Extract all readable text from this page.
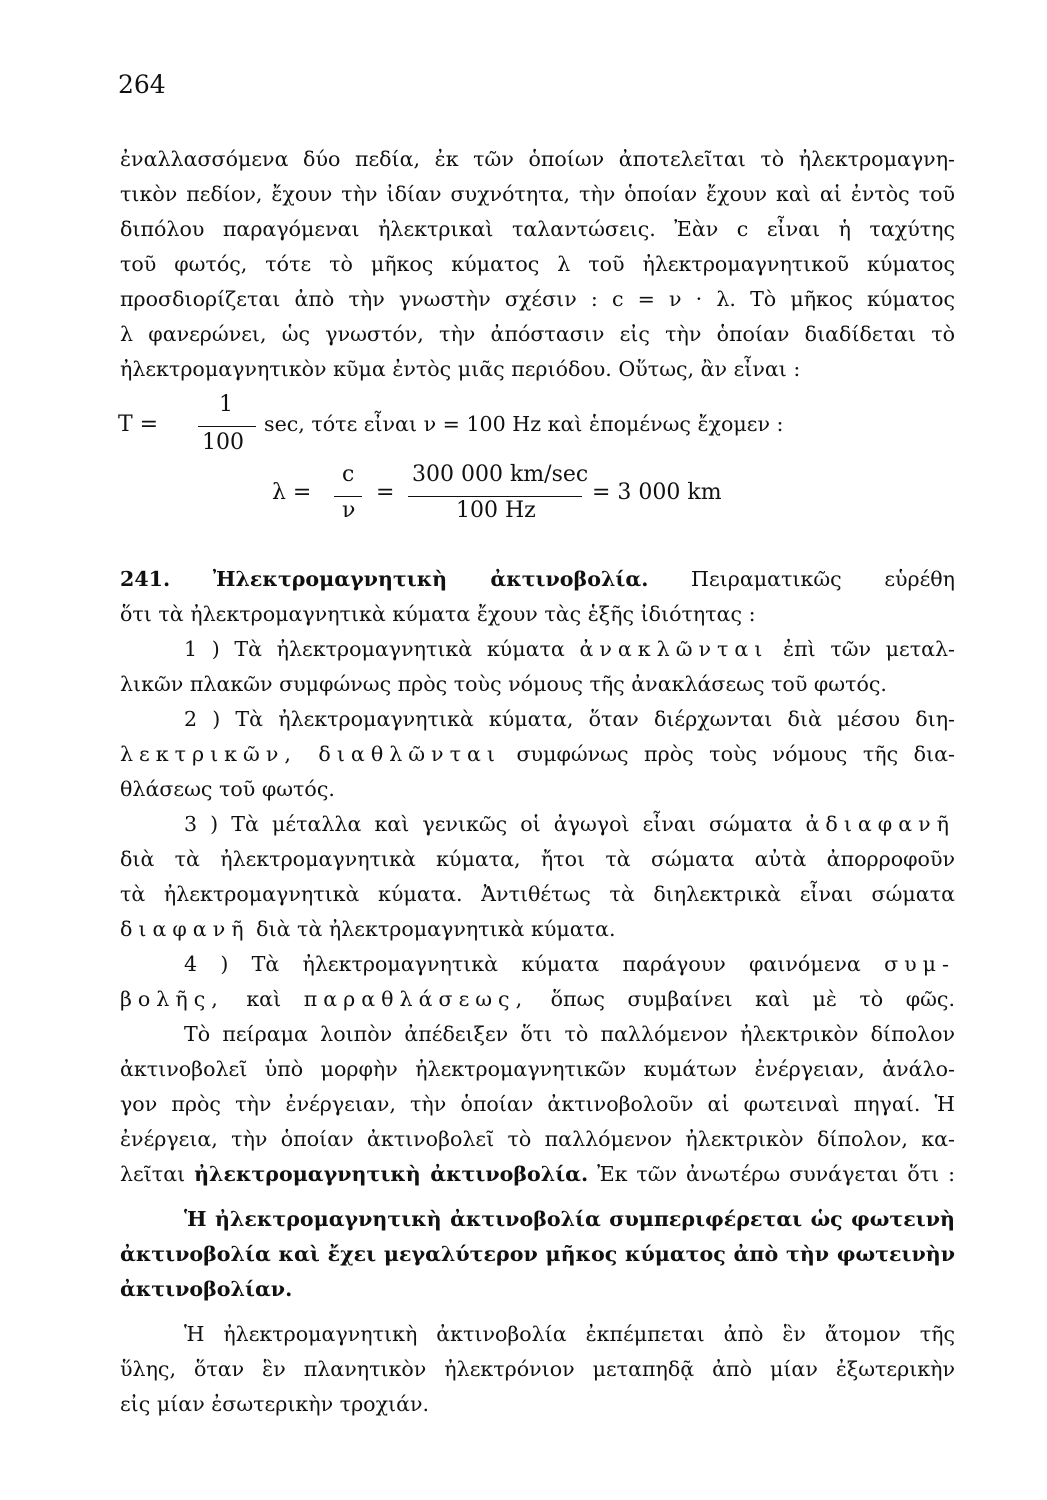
264
ἐναλλασσόμενα δύο πεδία, ἐκ τῶν ὁποίων ἀποτελεῖται τὸ ἠλεκτρομαγνη-
τικὸν πεδίον, ἔχουν τὴν ἰδίαν συχνότητα, τὴν ὁποίαν ἔχουν καὶ αἱ ἐντὸς τοῦ
διπόλου παραγόμεναι ἠλεκτρικαὶ ταλαντώσεις. Ἐὰν c εἶναι ἡ ταχύτης
τοῦ φωτός, τότε τὸ μῆκος κύματος λ τοῦ ἠλεκτρομαγνητικοῦ κύματος
προσδιορίζεται ἀπὸ τὴν γνωστὴν σχέσιν : c = ν · λ. Τὸ μῆκος κύματος
λ φανερώνει, ὡς γνωστόν, τὴν ἀπόστασιν εἰς τὴν ὁποίαν διαδίδεται τὸ
ἠλεκτρομαγνητικὸν κῦμα ἐντὸς μιᾶς περιόδου. Οὕτως, ἂν εἶναι :
T =
1
100
sec, τότε εἶναι ν = 100 Hz καὶ ἑπομένως ἔχομεν :
λ =
c
ν
=
300 000 km/sec
100 Hz
= 3 000 km
241. Ἠλεκτρομαγνητικὴ ἀκτινοβολία. Πειραματικῶς εὑρέθη
ὅτι τὰ ἠλεκτρομαγνητικὰ κύματα ἔχουν τὰς ἑξῆς ἰδιότητας :
1 ) Τὰ ἠλεκτρομαγνητικὰ κύματα ἀνακλῶνται ἐπὶ τῶν μεταλ-
λικῶν πλακῶν συμφώνως πρὸς τοὺς νόμους τῆς ἀνακλάσεως τοῦ φωτός.
2 ) Τὰ ἠλεκτρομαγνητικὰ κύματα, ὅταν διέρχωνται διὰ μέσου διη-
λεκτρικῶν, διαθλῶνται συμφώνως πρὸς τοὺς νόμους τῆς δια-
θλάσεως τοῦ φωτός.
3 ) Τὰ μέταλλα καὶ γενικῶς οἱ ἀγωγοὶ εἶναι σώματα ἀδιαφανῆ
διὰ τὰ ἠλεκτρομαγνητικὰ κύματα, ἤτοι τὰ σώματα αὐτὰ ἀπορροφοῦν
τὰ ἠλεκτρομαγνητικὰ κύματα. Ἀντιθέτως τὰ διηλεκτρικὰ εἶναι σώματα
διαφανῆ διὰ τὰ ἠλεκτρομαγνητικὰ κύματα.
4 ) Τὰ ἠλεκτρομαγνητικὰ κύματα παράγουν φαινόμενα συμ-
βολῆς, καὶ παραθλάσεως, ὅπως συμβαίνει καὶ μὲ τὸ φῶς.
Τὸ πείραμα λοιπὸν ἀπέδειξεν ὅτι τὸ παλλόμενον ἠλεκτρικὸν δίπολον
ἀκτινοβολεῖ ὑπὸ μορφὴν ἠλεκτρομαγνητικῶν κυμάτων ἐνέργειαν, ἀνάλο-
γον πρὸς τὴν ἐνέργειαν, τὴν ὁποίαν ἀκτινοβολοῦν αἱ φωτειναὶ πηγαί. Ἡ
ἐνέργεια, τὴν ὁποίαν ἀκτινοβολεῖ τὸ παλλόμενον ἠλεκτρικὸν δίπολον, κα-
λεῖται ἠλεκτρομαγνητικὴ ἀκτινοβολία. Ἐκ τῶν ἀνωτέρω συνάγεται ὅτι :
Ἡ ἠλεκτρομαγνητικὴ ἀκτινοβολία συμπεριφέρεται ὡς φωτεινὴ
ἀκτινοβολία καὶ ἔχει μεγαλύτερον μῆκος κύματος ἀπὸ τὴν φωτεινὴν
ἀκτινοβολίαν.
Ἡ ἠλεκτρομαγνητικὴ ἀκτινοβολία ἐκπέμπεται ἀπὸ ἓν ἄτομον τῆς
ὕλης, ὅταν ἓν πλανητικὸν ἠλεκτρόνιον μεταπηδᾷ ἀπὸ μίαν ἐξωτερικὴν
εἰς μίαν ἐσωτερικὴν τροχιάν.
